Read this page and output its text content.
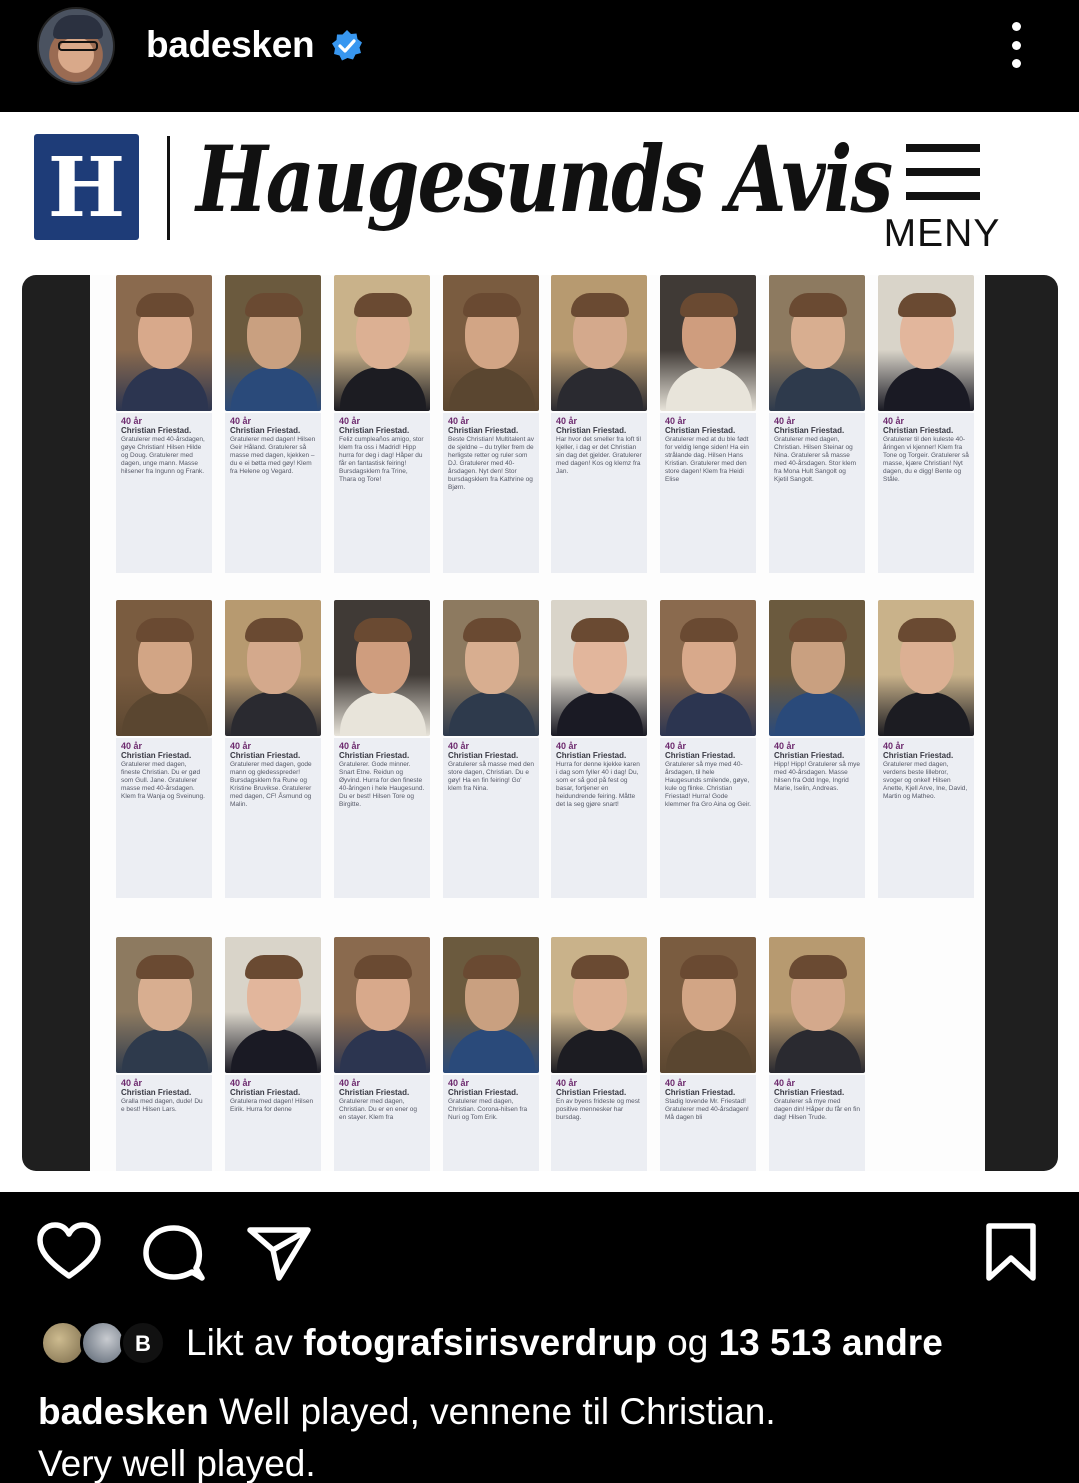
badesken
H Haugesunds Avis
MENY
40 år
Christian Friestad.
Gratulerer med 40-årsdagen, gøye Christian! Hilsen Hilde og Doug. Gratulerer med dagen, unge mann. Masse hilsener fra Ingunn og Frank.
40 år
Christian Friestad.
Gratulerer med dagen! Hilsen Geir Håland. Gratulerer så masse med dagen, kjekken – du e ei bøtta med gøy! Klem fra Helene og Vegard.
40 år
Christian Friestad.
Feliz cumpleaños amigo, stor klem fra oss i Madrid! Hipp hurra for deg i dag! Håper du får en fantastisk feiring! Bursdagsklem fra Trine, Thara og Tore!
40 år
Christian Friestad.
Beste Christian! Multitalent av de sjeldne – du tryller frem de herligste retter og ruler som DJ. Gratulerer med 40-årsdagen. Nyt den! Stor bursdagsklem fra Kathrine og Bjørn.
40 år
Christian Friestad.
Har hvor det smeller fra loft til kjeller, i dag er det Christian sin dag det gjelder. Gratulerer med dagen! Kos og klemz fra Jan.
40 år
Christian Friestad.
Gratulerer med at du ble født for veldig lenge siden! Ha ein strålande dag. Hilsen Hans Kristian. Gratulerer med den store dagen! Klem fra Heidi Elise
40 år
Christian Friestad.
Gratulerer med dagen, Christian. Hilsen Steinar og Nina. Gratulerer så masse med 40-årsdagen. Stor klem fra Mona Hult Sangolt og Kjetil Sangolt.
40 år
Christian Friestad.
Gratulerer til den kuleste 40-åringen vi kjenner! Klem fra Tone og Torgeir. Gratulerer så masse, kjære Christian! Nyt dagen, du e digg! Bente og Ståle.
40 år
Christian Friestad.
Gratulerer med dagen, fineste Christian. Du er gød som Gull. Jane. Gratulerer masse med 40-årsdagen. Klem fra Wanja og Sveinung.
40 år
Christian Friestad.
Gratulerer med dagen, gode mann og gledesspreder! Bursdagsklem fra Rune og Kristine Bruvikse. Gratulerer med dagen, CF! Åsmund og Malin.
40 år
Christian Friestad.
Gratulerer. Gode minner. Snart Etne. Reidun og Øyvind. Hurra for den fineste 40-åringen i hele Haugesund. Du er best! Hilsen Tore og Birgitte.
40 år
Christian Friestad.
Gratulerer så masse med den store dagen, Christian. Du e gøy! Ha en fin feiring! Go' klem fra Nina.
40 år
Christian Friestad.
Hurra for denne kjekke karen i dag som fyller 40 i dag! Du, som er så god på fest og basar, fortjener en heidundrende feiring. Måtte det la seg gjøre snart!
40 år
Christian Friestad.
Gratulerer så mye med 40-årsdagen, til hele Haugesunds smilende, gøye, kule og flinke. Christian Friestad! Hurra! Gode klemmer fra Gro Aina og Geir.
40 år
Christian Friestad.
Hipp! Hipp! Gratulerer så mye med 40-årsdagen. Masse hilsen fra Odd Inge, Ingrid Marie, Iselin, Andreas.
40 år
Christian Friestad.
Gratulerer med dagen, verdens beste lillebror, svoger og onkel! Hilsen Anette, Kjell Arve, Ine, David, Martin og Matheo.
40 år
Christian Friestad.
Gralla med dagen, dude! Du e best! Hilsen Lars.
40 år
Christian Friestad.
Gratulera med dagen! Hilsen Eirik. Hurra for denne
40 år
Christian Friestad.
Gratulerer med dagen, Christian. Du er en ener og en stayer. Klem fra
40 år
Christian Friestad.
Gratulerer med dagen, Christian. Corona-hilsen fra Nuri og Tom Erik.
40 år
Christian Friestad.
En av byens frideste og mest positive mennesker har bursdag.
40 år
Christian Friestad.
Stadig lovende Mr. Friestad! Gratulerer med 40-årsdagen! Må dagen bli
40 år
Christian Friestad.
Gratulerer så mye med dagen din! Håper du får en fin dag! Hilsen Trude.
B Likt av fotografsirisverdrup og 13 513 andre
badesken Well played, vennene til Christian.
Very well played.
